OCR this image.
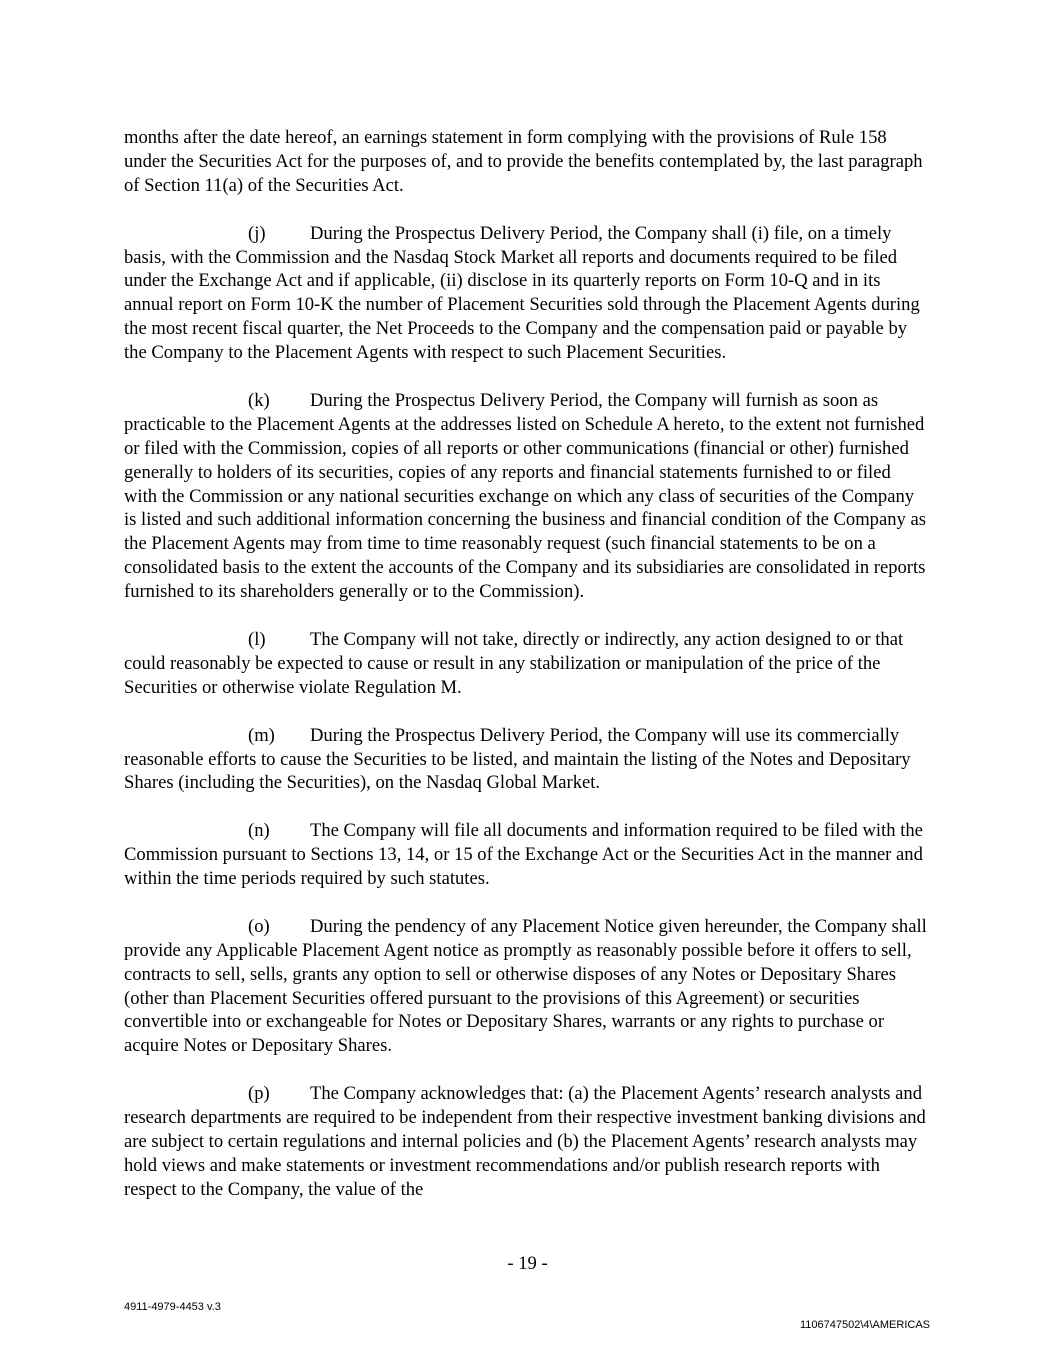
months after the date hereof, an earnings statement in form complying with the provisions of Rule 158 under the Securities Act for the purposes of, and to provide the benefits contemplated by, the last paragraph of Section 11(a) of the Securities Act.

(j) During the Prospectus Delivery Period, the Company shall (i) file, on a timely basis, with the Commission and the Nasdaq Stock Market all reports and documents required to be filed under the Exchange Act and if applicable, (ii) disclose in its quarterly reports on Form 10-Q and in its annual report on Form 10-K the number of Placement Securities sold through the Placement Agents during the most recent fiscal quarter, the Net Proceeds to the Company and the compensation paid or payable by the Company to the Placement Agents with respect to such Placement Securities.

(k) During the Prospectus Delivery Period, the Company will furnish as soon as practicable to the Placement Agents at the addresses listed on Schedule A hereto, to the extent not furnished or filed with the Commission, copies of all reports or other communications (financial or other) furnished generally to holders of its securities, copies of any reports and financial statements furnished to or filed with the Commission or any national securities exchange on which any class of securities of the Company is listed and such additional information concerning the business and financial condition of the Company as the Placement Agents may from time to time reasonably request (such financial statements to be on a consolidated basis to the extent the accounts of the Company and its subsidiaries are consolidated in reports furnished to its shareholders generally or to the Commission).

(l) The Company will not take, directly or indirectly, any action designed to or that could reasonably be expected to cause or result in any stabilization or manipulation of the price of the Securities or otherwise violate Regulation M.

(m) During the Prospectus Delivery Period, the Company will use its commercially reasonable efforts to cause the Securities to be listed, and maintain the listing of the Notes and Depositary Shares (including the Securities), on the Nasdaq Global Market.

(n) The Company will file all documents and information required to be filed with the Commission pursuant to Sections 13, 14, or 15 of the Exchange Act or the Securities Act in the manner and within the time periods required by such statutes.

(o) During the pendency of any Placement Notice given hereunder, the Company shall provide any Applicable Placement Agent notice as promptly as reasonably possible before it offers to sell, contracts to sell, sells, grants any option to sell or otherwise disposes of any Notes or Depositary Shares (other than Placement Securities offered pursuant to the provisions of this Agreement) or securities convertible into or exchangeable for Notes or Depositary Shares, warrants or any rights to purchase or acquire Notes or Depositary Shares.

(p) The Company acknowledges that: (a) the Placement Agents’ research analysts and research departments are required to be independent from their respective investment banking divisions and are subject to certain regulations and internal policies and (b) the Placement Agents’ research analysts may hold views and make statements or investment recommendations and/or publish research reports with respect to the Company, the value of the

- 19 -
4911-4979-4453 v.3
1106747502\4\AMERICAS
